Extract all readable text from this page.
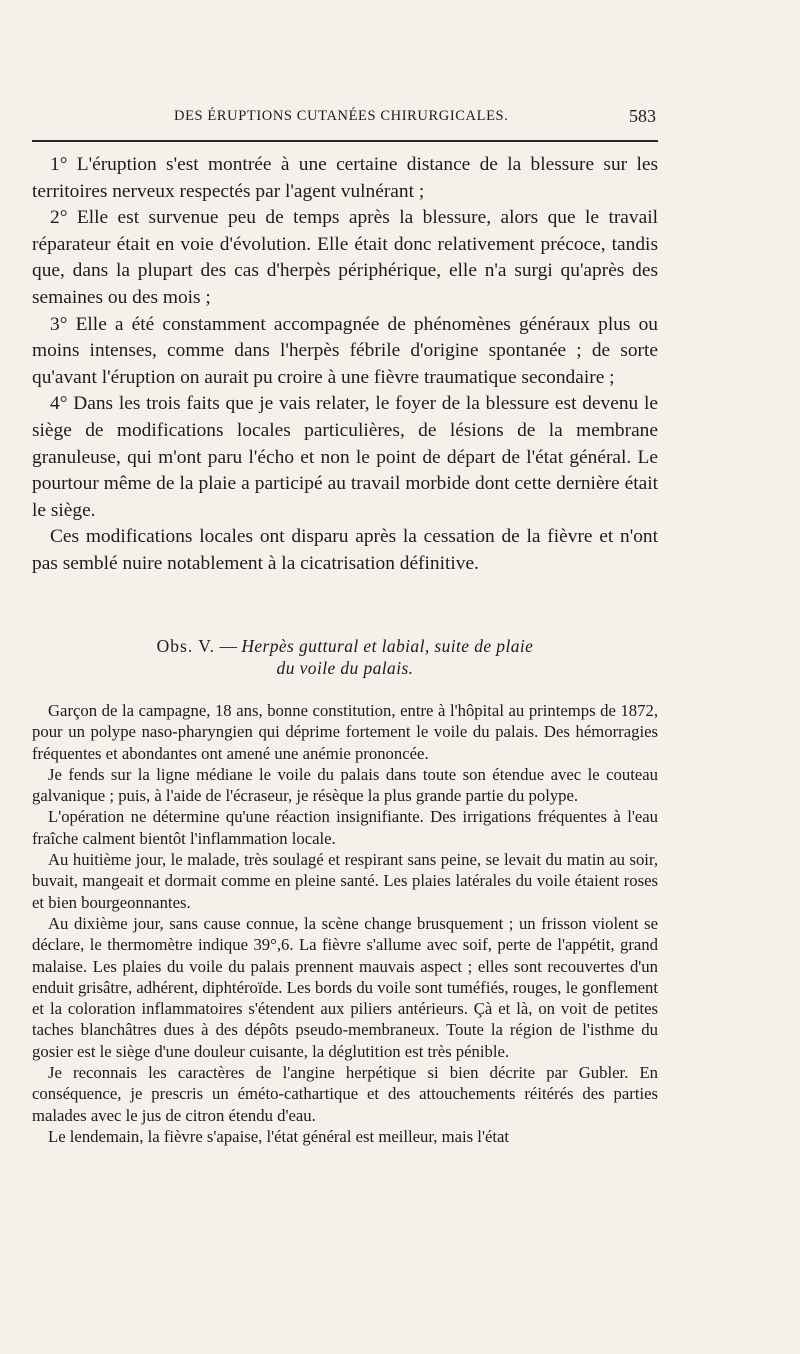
DES ÉRUPTIONS CUTANÉES CHIRURGICALES.	583

1° L'éruption s'est montrée à une certaine distance de la blessure sur les territoires nerveux respectés par l'agent vulnérant ;

2° Elle est survenue peu de temps après la blessure, alors que le travail réparateur était en voie d'évolution. Elle était donc relativement précoce, tandis que, dans la plupart des cas d'herpès périphérique, elle n'a surgi qu'après des semaines ou des mois ;

3° Elle a été constamment accompagnée de phénomènes généraux plus ou moins intenses, comme dans l'herpès fébrile d'origine spontanée ; de sorte qu'avant l'éruption on aurait pu croire à une fièvre traumatique secondaire ;

4° Dans les trois faits que je vais relater, le foyer de la blessure est devenu le siège de modifications locales particulières, de lésions de la membrane granuleuse, qui m'ont paru l'écho et non le point de départ de l'état général. Le pourtour même de la plaie a participé au travail morbide dont cette dernière était le siège.

Ces modifications locales ont disparu après la cessation de la fièvre et n'ont pas semblé nuire notablement à la cicatrisation définitive.

Obs. V. — Herpès guttural et labial, suite de plaie
du voile du palais.

Garçon de la campagne, 18 ans, bonne constitution, entre à l'hôpital au printemps de 1872, pour un polype naso-pharyngien qui déprime fortement le voile du palais. Des hémorragies fréquentes et abondantes ont amené une anémie prononcée.

Je fends sur la ligne médiane le voile du palais dans toute son étendue avec le couteau galvanique ; puis, à l'aide de l'écraseur, je résèque la plus grande partie du polype.

L'opération ne détermine qu'une réaction insignifiante. Des irrigations fréquentes à l'eau fraîche calment bientôt l'inflammation locale.

Au huitième jour, le malade, très soulagé et respirant sans peine, se levait du matin au soir, buvait, mangeait et dormait comme en pleine santé. Les plaies latérales du voile étaient roses et bien bourgeonnantes.

Au dixième jour, sans cause connue, la scène change brusquement ; un frisson violent se déclare, le thermomètre indique 39°,6. La fièvre s'allume avec soif, perte de l'appétit, grand malaise. Les plaies du voile du palais prennent mauvais aspect ; elles sont recouvertes d'un enduit grisâtre, adhérent, diphtéroïde. Les bords du voile sont tuméfiés, rouges, le gonflement et la coloration inflammatoires s'étendent aux piliers antérieurs. Çà et là, on voit de petites taches blanchâtres dues à des dépôts pseudo-membraneux. Toute la région de l'isthme du gosier est le siège d'une douleur cuisante, la déglutition est très pénible.

Je reconnais les caractères de l'angine herpétique si bien décrite par Gubler. En conséquence, je prescris un éméto-cathartique et des attouchements réitérés des parties malades avec le jus de citron étendu d'eau.

Le lendemain, la fièvre s'apaise, l'état général est meilleur, mais l'état
